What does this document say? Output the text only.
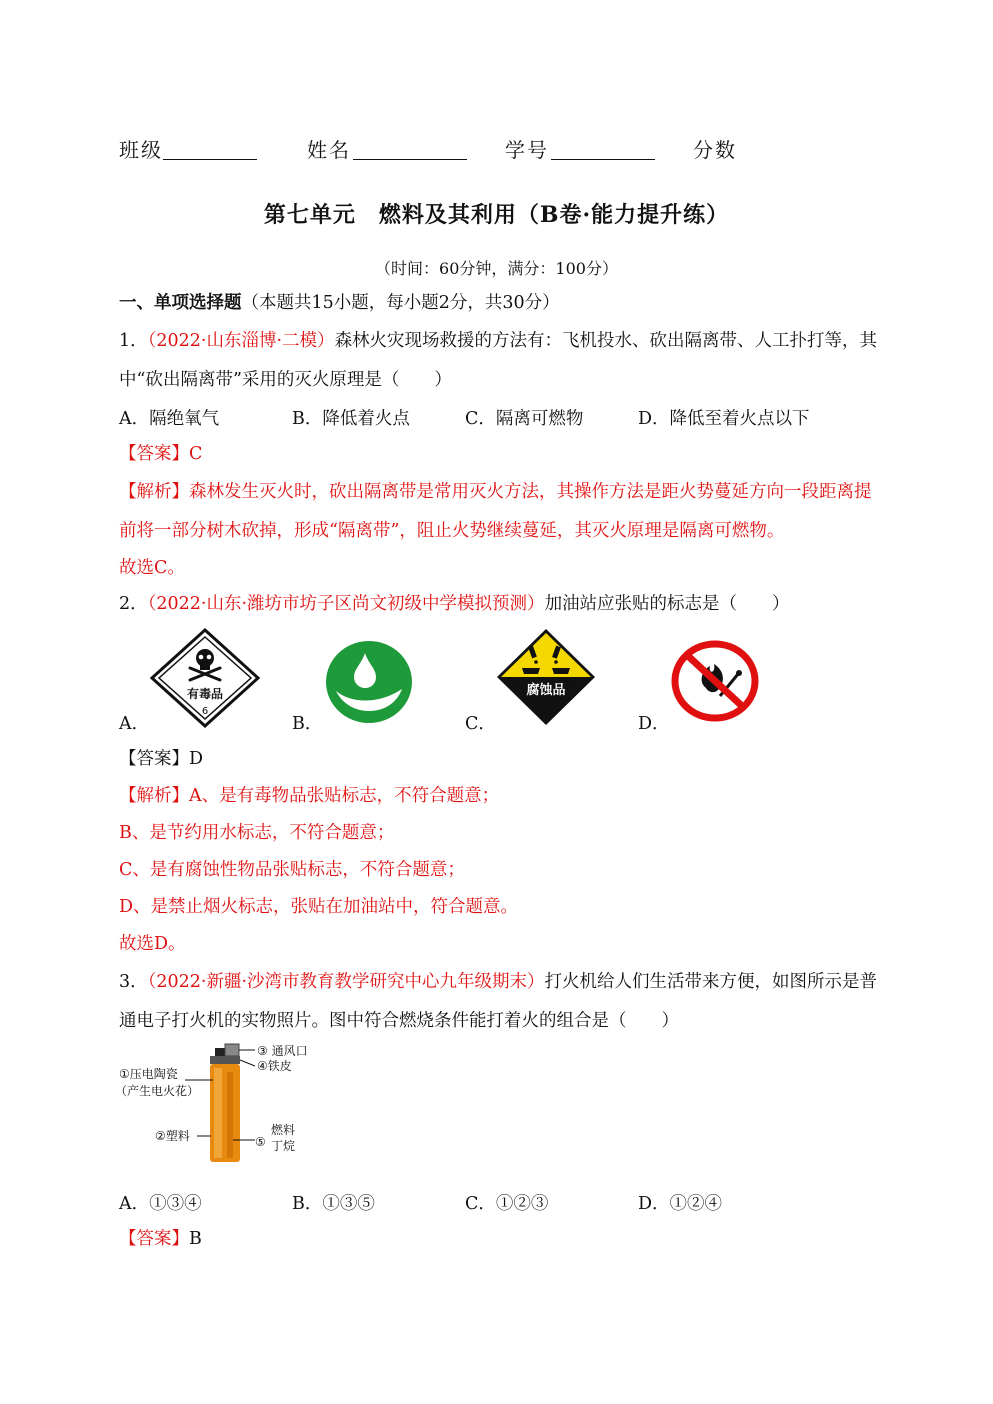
班级	姓名	学号	分数
第七单元　燃料及其利用（B卷·能力提升练）
（时间：60分钟，满分：100分）
一、单项选择题（本题共15小题，每小题2分，共30分）
1．（2022·山东淄博·二模）森林火灾现场救援的方法有：飞机投水、砍出隔离带、人工扑打等，其
中“砍出隔离带”采用的灭火原理是（　　）
A．隔绝氧气	B．降低着火点	C．隔离可燃物	D．降低至着火点以下
【答案】C
【解析】森林发生灭火时，砍出隔离带是常用灭火方法，其操作方法是距火势蔓延方向一段距离提
前将一部分树木砍掉，形成“隔离带”，阻止火势继续蔓延，其灭火原理是隔离可燃物。
故选C。
2．（2022·山东·潍坊市坊子区尚文初级中学模拟预测）加油站应张贴的标志是（　　）
有毒品
6
腐蚀品
A．	B．	C．	D．
【答案】D
【解析】A、是有毒物品张贴标志，不符合题意；
B、是节约用水标志，不符合题意；
C、是有腐蚀性物品张贴标志，不符合题意；
D、是禁止烟火标志，张贴在加油站中，符合题意。
故选D。
3．（2022·新疆·沙湾市教育教学研究中心九年级期末）打火机给人们生活带来方便，如图所示是普
通电子打火机的实物照片。图中符合燃烧条件能打着火的组合是（　　）
③ 通风口
④铁皮
①压电陶瓷
（产生电火花）
②塑料	⑤
燃料
丁烷
A．①③④	B．①③⑤	C．①②③	D．①②④
【答案】B
